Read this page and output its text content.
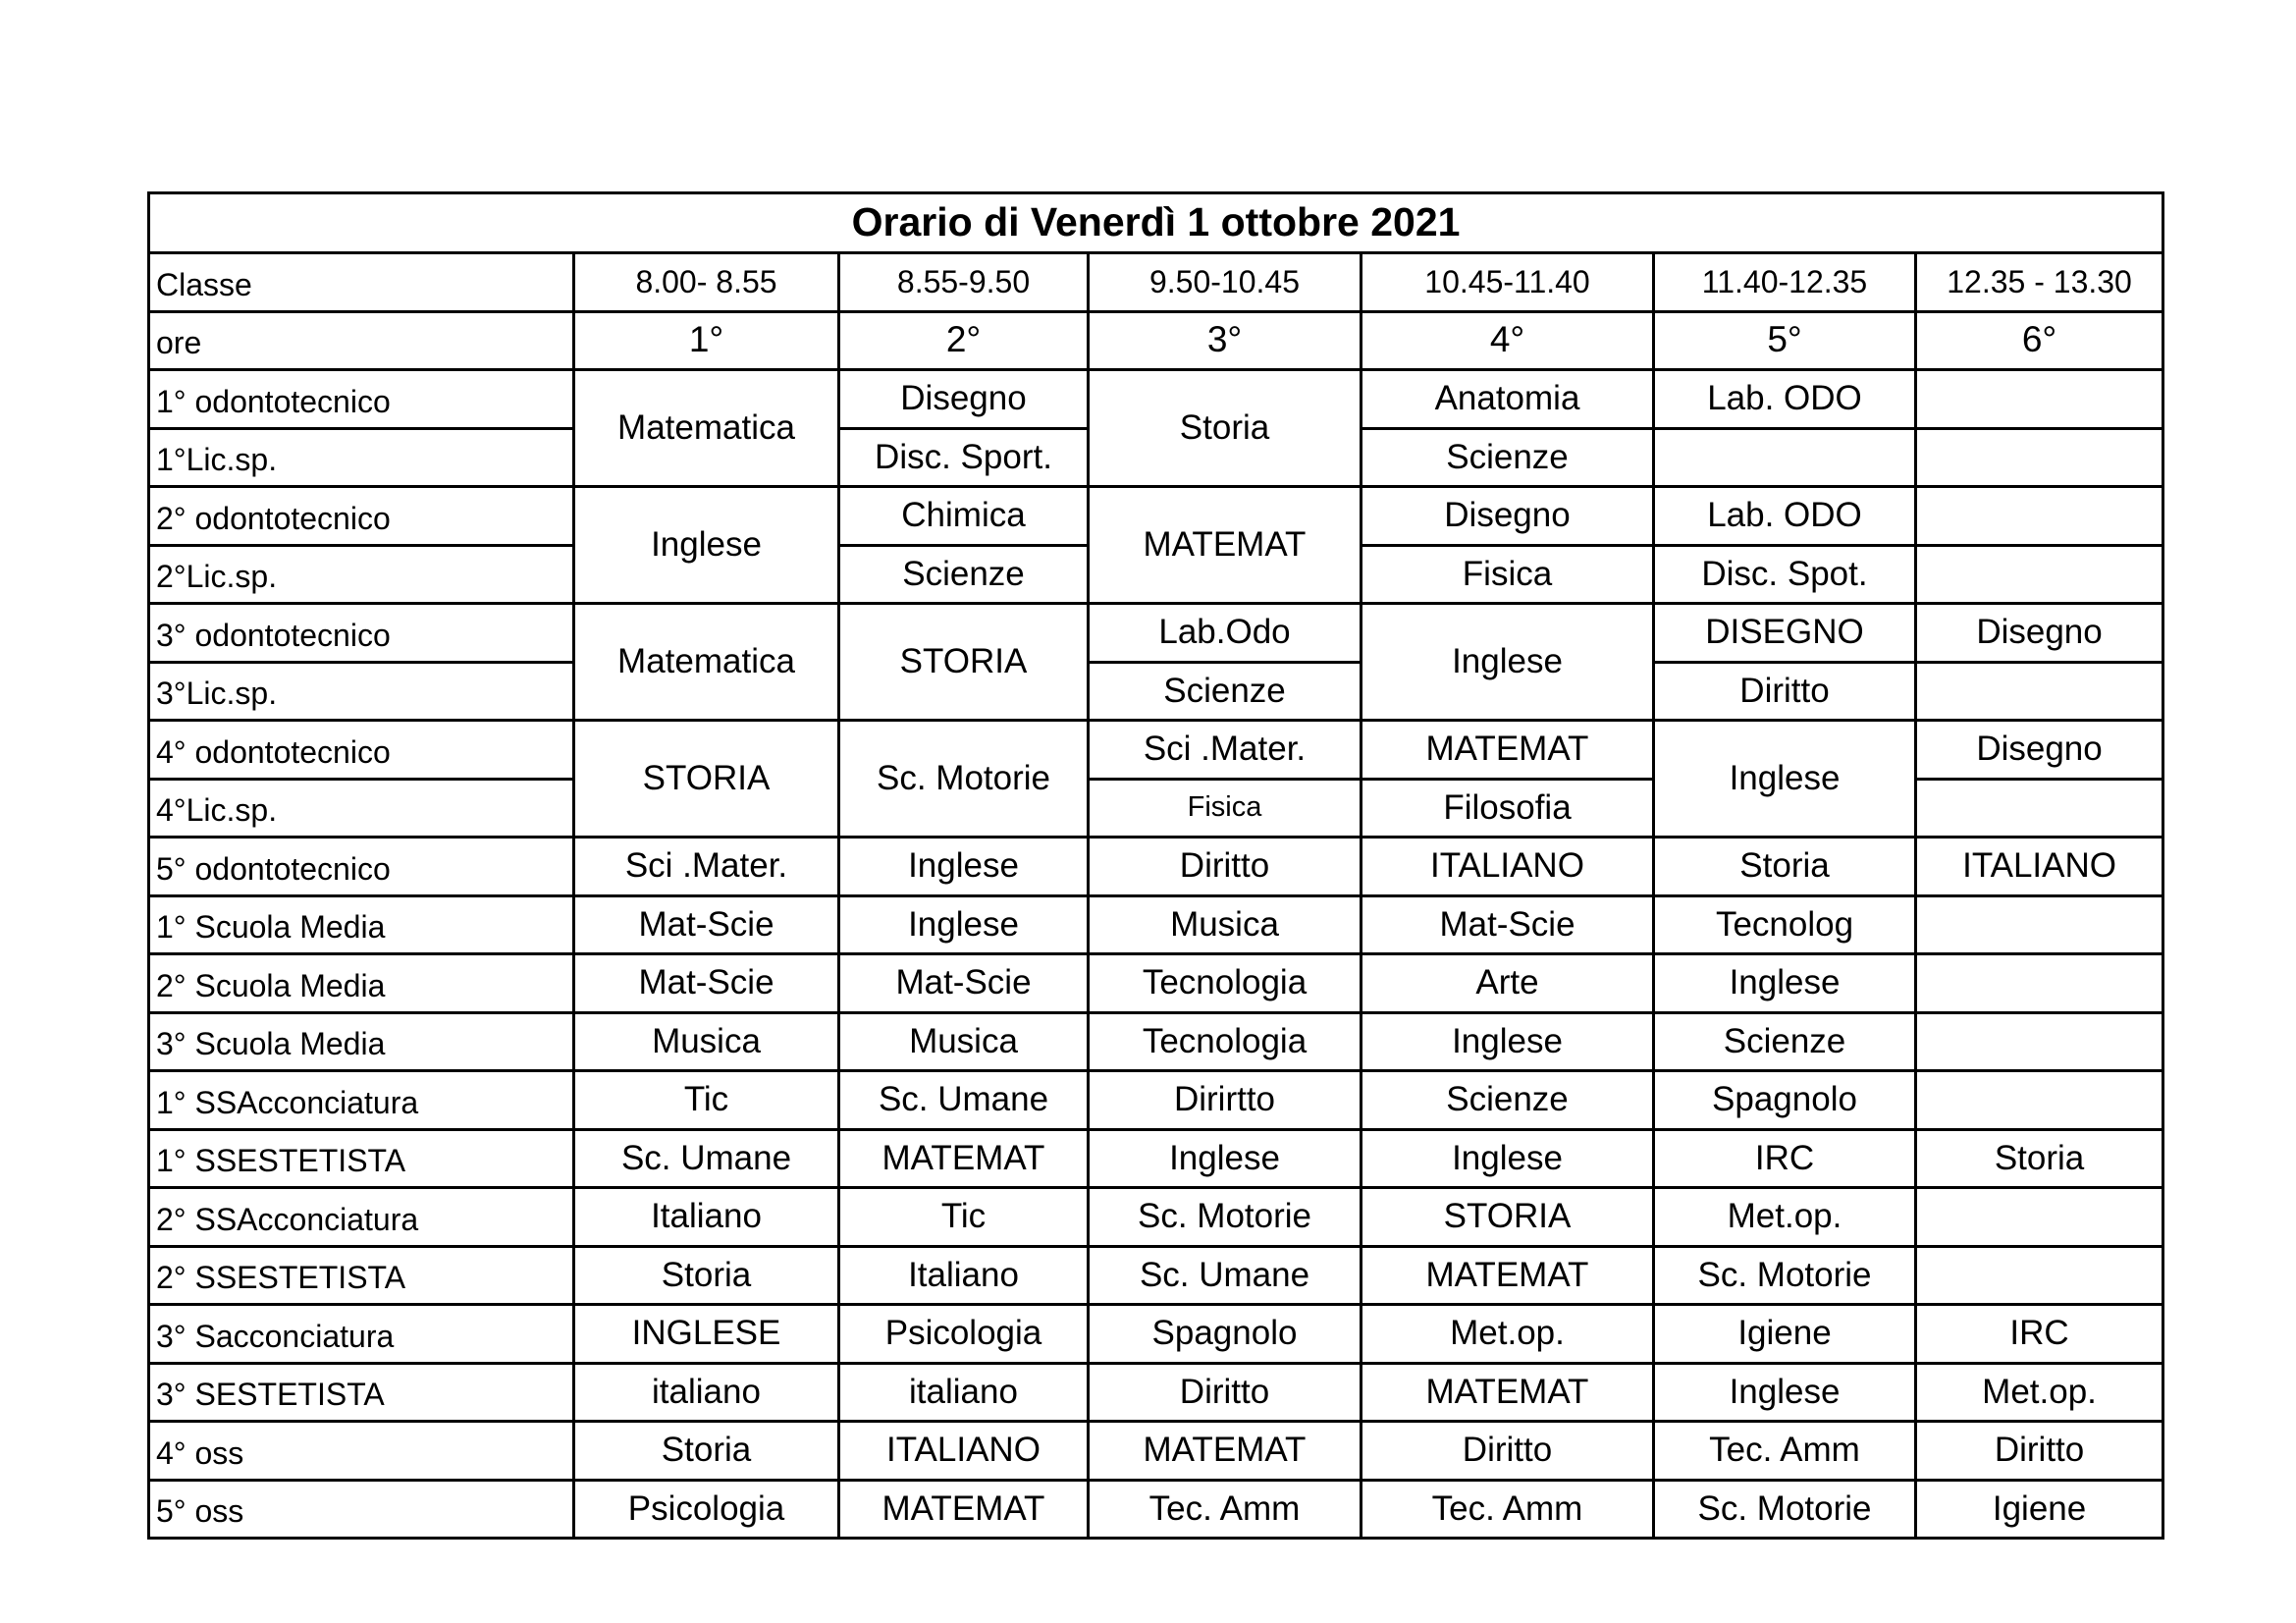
Orario di Venerdì 1 ottobre 2021						
Classe	8.00- 8.55	8.55-9.50	9.50-10.45	10.45-11.40	11.40-12.35	12.35 - 13.30
ore	1°	2°	3°	4°	5°	6°
1° odontotecnico	Matematica	Disegno	Storia	Anatomia	Lab. ODO	
1°Lic.sp.		Disc. Sport.		Scienze		
2° odontotecnico	Inglese	Chimica	MATEMAT	Disegno	Lab. ODO	
2°Lic.sp.		Scienze		Fisica	Disc. Spot.	
3° odontotecnico	Matematica	STORIA	Lab.Odo	Inglese	DISEGNO	Disegno
3°Lic.sp.			Scienze		Diritto	
4° odontotecnico	STORIA	Sc. Motorie	Sci .Mater.	MATEMAT	Inglese	Disegno
4°Lic.sp.			Fisica	Filosofia		
5° odontotecnico	Sci .Mater.	Inglese	Diritto	ITALIANO	Storia	ITALIANO
1° Scuola Media	Mat-Scie	Inglese	Musica	Mat-Scie	Tecnolog	
2° Scuola Media	Mat-Scie	Mat-Scie	Tecnologia	Arte	Inglese	
3° Scuola Media	Musica	Musica	Tecnologia	Inglese	Scienze	
1° SSAcconciatura	Tic	Sc. Umane	Dirirtto	Scienze	Spagnolo	
1° SSESTETISTA	Sc. Umane	MATEMAT	Inglese	Inglese	IRC	Storia
2° SSAcconciatura	Italiano	Tic	Sc. Motorie	STORIA	Met.op.	
2° SSESTETISTA	Storia	Italiano	Sc. Umane	MATEMAT	Sc. Motorie	
3° Sacconciatura	INGLESE	Psicologia	Spagnolo	Met.op.	Igiene	IRC
3° SESTETISTA	italiano	italiano	Diritto	MATEMAT	Inglese	Met.op.
4° oss	Storia	ITALIANO	MATEMAT	Diritto	Tec. Amm	Diritto
5° oss	Psicologia	MATEMAT	Tec. Amm	Tec. Amm	Sc. Motorie	Igiene
